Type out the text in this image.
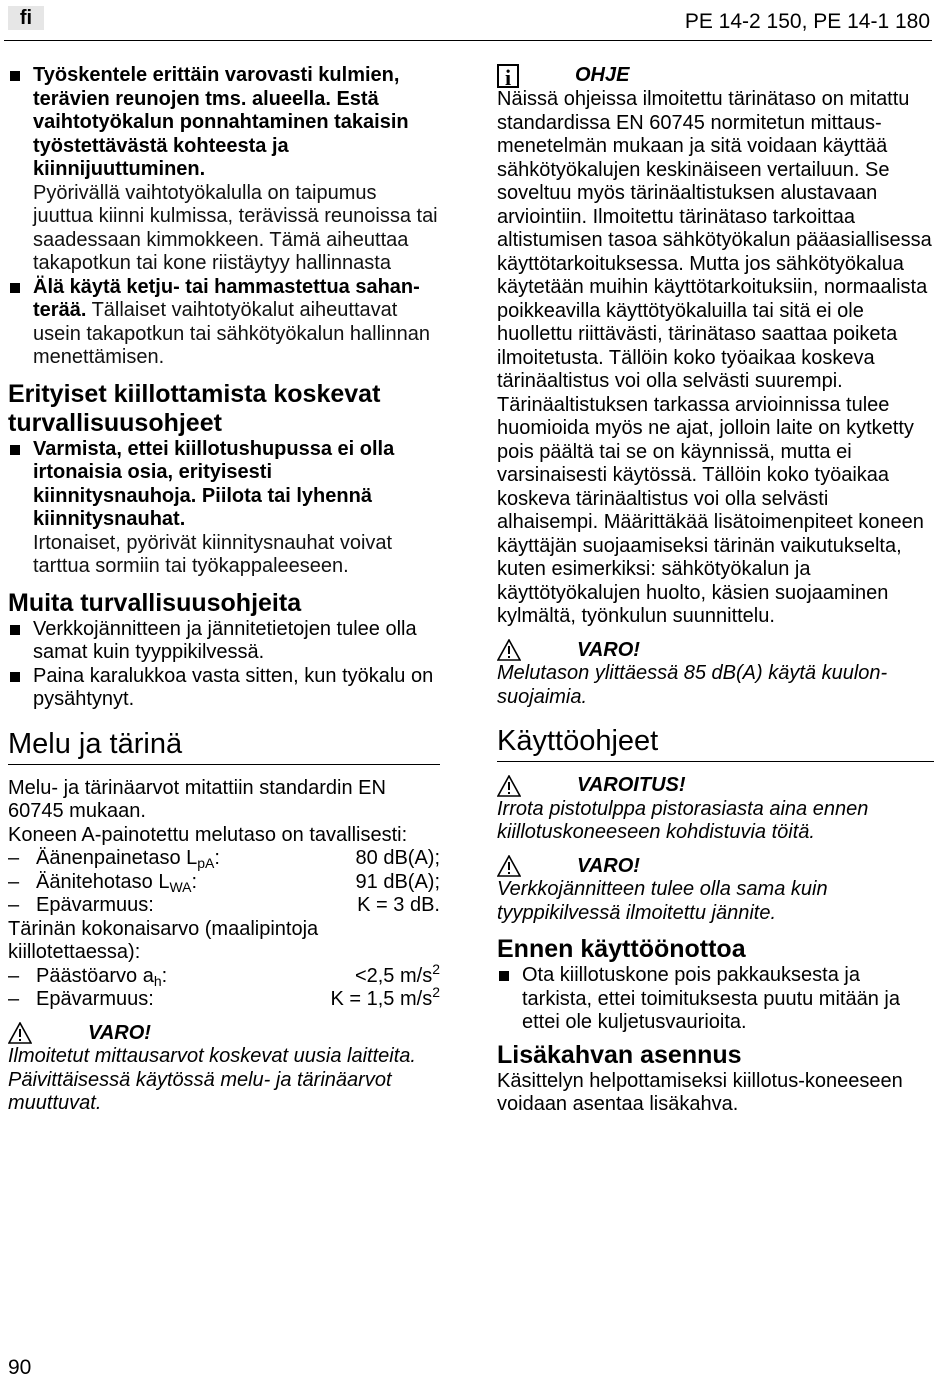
fi	PE 14-2 150, PE 14-1 180
Työskentele erittäin varovasti kulmien, terävien reunojen tms. alueella. Estä vaihtotyökalun ponnahtaminen takaisin työstettävästä kohteesta ja kiinnijuuttuminen.
Pyörivällä vaihtotyökalulla on taipumus juuttua kiinni kulmissa, terävissä reunoissa tai saadessaan kimmokkeen. Tämä aiheuttaa takapotkun tai kone riistäytyy hallinnasta
Älä käytä ketju- tai hammastettua sahan-terää. Tällaiset vaihtotyökalut aiheuttavat usein takapotkun tai sähkötyökalun hallinnan menettämisen.
Erityiset kiillottamista koskevat turvallisuusohjeet
Varmista, ettei kiillotushupussa ei olla irtonaisia osia, erityisesti kiinnitysnauhoja. Piilota tai lyhennä kiinnitysnauhat.
Irtonaiset, pyörivät kiinnitysnauhat voivat tarttua sormiin tai työkappaleeseen.
Muita turvallisuusohjeita
Verkkojännitteen ja jännitetietojen tulee olla samat kuin tyyppikilvessä.
Paina karalukkoa vasta sitten, kun työkalu on pysähtynyt.
Melu ja tärinä
Melu- ja tärinäarvot mitattiin standardin EN 60745 mukaan.
Koneen A-painotettu melutaso on tavallisesti:
– Äänenpainetaso $L_{pA}$:	80 dB(A);
– Äänitehotaso $L_{WA}$:	91 dB(A);
– Epävarmuus:	K = 3 dB.
Tärinän kokonaisarvo (maalipintoja kiillotettaessa):
– Päästöarvo $a_h$:	<2,5 $m/s^2$
– Epävarmuus:	K = 1,5 $m/s^2$
VARO!
Ilmoitetut mittausarvot koskevat uusia laitteita. Päivittäisessä käytössä melu- ja tärinäarvot muuttuvat.
i	OHJE
Näissä ohjeissa ilmoitettu tärinätaso on mitattu standardissa EN 60745 normitetun mittaus-menetelmän mukaan ja sitä voidaan käyttää sähkötyökalujen keskinäiseen vertailuun. Se soveltuu myös tärinäaltistuksen alustavaan arviointiin. Ilmoitettu tärinätaso tarkoittaa altistumisen tasoa sähkötyökalun pääasiallisessa käyttötarkoituksessa. Mutta jos sähkötyökalua käytetään muihin käyttötarkoituksiin, normaalista poikkeavilla käyttötyökaluilla tai sitä ei ole huollettu riittävästi, tärinätaso saattaa poiketa ilmoitetusta. Tällöin koko työaikaa koskeva tärinäaltistus voi olla selvästi suurempi. Tärinäaltistuksen tarkassa arvioinnissa tulee huomioida myös ne ajat, jolloin laite on kytketty pois päältä tai se on käynnissä, mutta ei varsinaisesti käytössä. Tällöin koko työaikaa koskeva tärinäaltistus voi olla selvästi alhaisempi. Määrittäkää lisätoimenpiteet koneen käyttäjän suojaamiseksi tärinän vaikutukselta, kuten esimerkiksi: sähkötyökalun ja käyttötyökalujen huolto, käsien suojaaminen kylmältä, työnkulun suunnittelu.
VARO!
Melutason ylittäessä 85 dB(A) käytä kuulon-suojaimia.
Käyttöohjeet
VAROITUS!
Irrota pistotulppa pistorasiasta aina ennen kiillotuskoneeseen kohdistuvia töitä.
VARO!
Verkkojännitteen tulee olla sama kuin tyyppikilvessä ilmoitettu jännite.
Ennen käyttöönottoa
Ota kiillotuskone pois pakkauksesta ja tarkista, ettei toimituksesta puutu mitään ja ettei ole kuljetusvaurioita.
Lisäkahvan asennus
Käsittelyn helpottamiseksi kiillotus-koneeseen voidaan asentaa lisäkahva.
90
